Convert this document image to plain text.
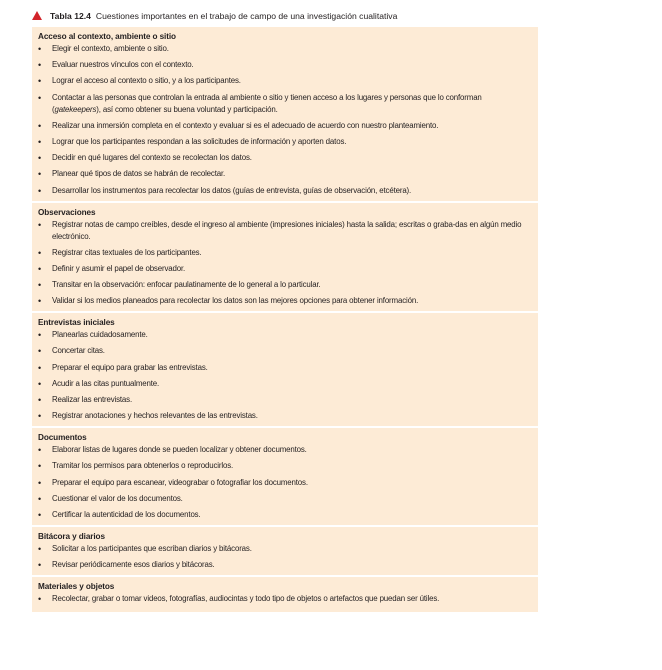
Tabla 12.4 Cuestiones importantes en el trabajo de campo de una investigación cualitativa
Acceso al contexto, ambiente o sitio
• Elegir el contexto, ambiente o sitio.
• Evaluar nuestros vínculos con el contexto.
• Lograr el acceso al contexto o sitio, y a los participantes.
• Contactar a las personas que controlan la entrada al ambiente o sitio y tienen acceso a los lugares y personas que lo conforman (gatekeepers), así como obtener su buena voluntad y participación.
• Realizar una inmersión completa en el contexto y evaluar si es el adecuado de acuerdo con nuestro planteamiento.
• Lograr que los participantes respondan a las solicitudes de información y aporten datos.
• Decidir en qué lugares del contexto se recolectan los datos.
• Planear qué tipos de datos se habrán de recolectar.
• Desarrollar los instrumentos para recolectar los datos (guías de entrevista, guías de observación, etcétera).
Observaciones
• Registrar notas de campo creíbles, desde el ingreso al ambiente (impresiones iniciales) hasta la salida; escritas o graba-das en algún medio electrónico.
• Registrar citas textuales de los participantes.
• Definir y asumir el papel de observador.
• Transitar en la observación: enfocar paulatinamente de lo general a lo particular.
• Validar si los medios planeados para recolectar los datos son las mejores opciones para obtener información.
Entrevistas iniciales
• Planearlas cuidadosamente.
• Concertar citas.
• Preparar el equipo para grabar las entrevistas.
• Acudir a las citas puntualmente.
• Realizar las entrevistas.
• Registrar anotaciones y hechos relevantes de las entrevistas.
Documentos
• Elaborar listas de lugares donde se pueden localizar y obtener documentos.
• Tramitar los permisos para obtenerlos o reproducirlos.
• Preparar el equipo para escanear, videograbar o fotografiar los documentos.
• Cuestionar el valor de los documentos.
• Certificar la autenticidad de los documentos.
Bitácora y diarios
• Solicitar a los participantes que escriban diarios y bitácoras.
• Revisar periódicamente esos diarios y bitácoras.
Materiales y objetos
• Recolectar, grabar o tomar videos, fotografías, audiocintas y todo tipo de objetos o artefactos que puedan ser útiles.
